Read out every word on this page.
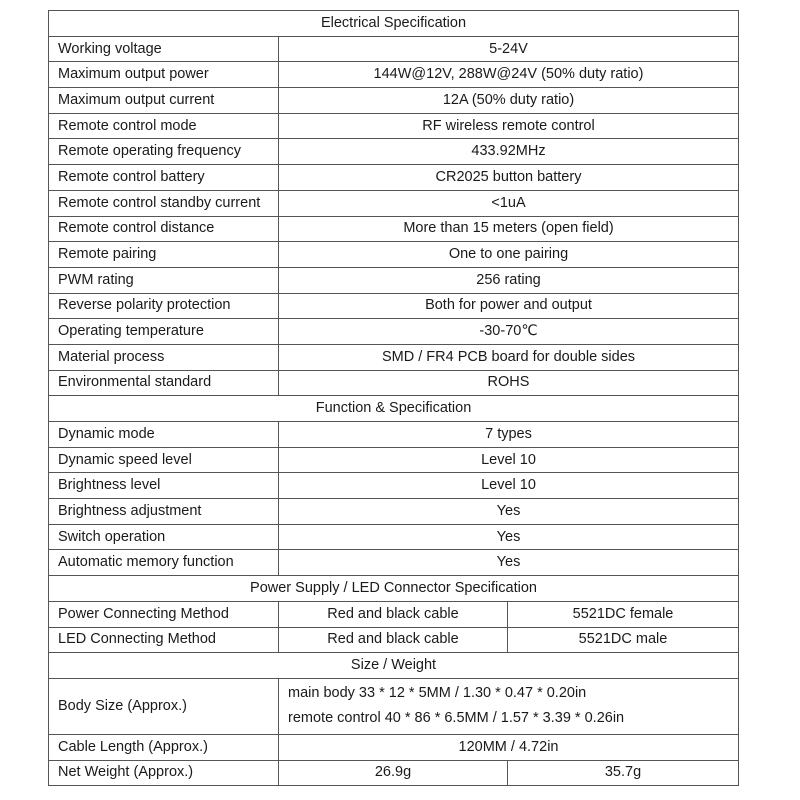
Electrical Specification		
Working voltage	5-24V	
Maximum output power	144W@12V, 288W@24V (50% duty ratio)	
Maximum output current	12A (50% duty ratio)	
Remote control mode	RF wireless remote control	
Remote operating frequency	433.92MHz	
Remote control battery	CR2025 button battery	
Remote control standby current	<1uA	
Remote control distance	More than 15 meters (open field)	
Remote pairing	One to one pairing	
PWM rating	256 rating	
Reverse polarity protection	Both for power and output	
Operating temperature	-30-70℃	
Material process	SMD / FR4 PCB board for double sides	
Environmental standard	ROHS	
Function & Specification		
Dynamic mode	7 types	
Dynamic speed level	Level 10	
Brightness level	Level 10	
Brightness adjustment	Yes	
Switch operation	Yes	
Automatic memory function	Yes	
Power Supply / LED Connector Specification		
Power Connecting Method	Red and black cable	5521DC female
LED Connecting Method	Red and black cable	5521DC male
Size / Weight		
Body Size (Approx.)	main body 33 * 12 * 5MM / 1.30 * 0.47 * 0.20in
remote control 40 * 86 * 6.5MM / 1.57 * 3.39 * 0.26in	

Cable Length (Approx.)	120MM / 4.72in	
Net Weight (Approx.)	26.9g	35.7g
